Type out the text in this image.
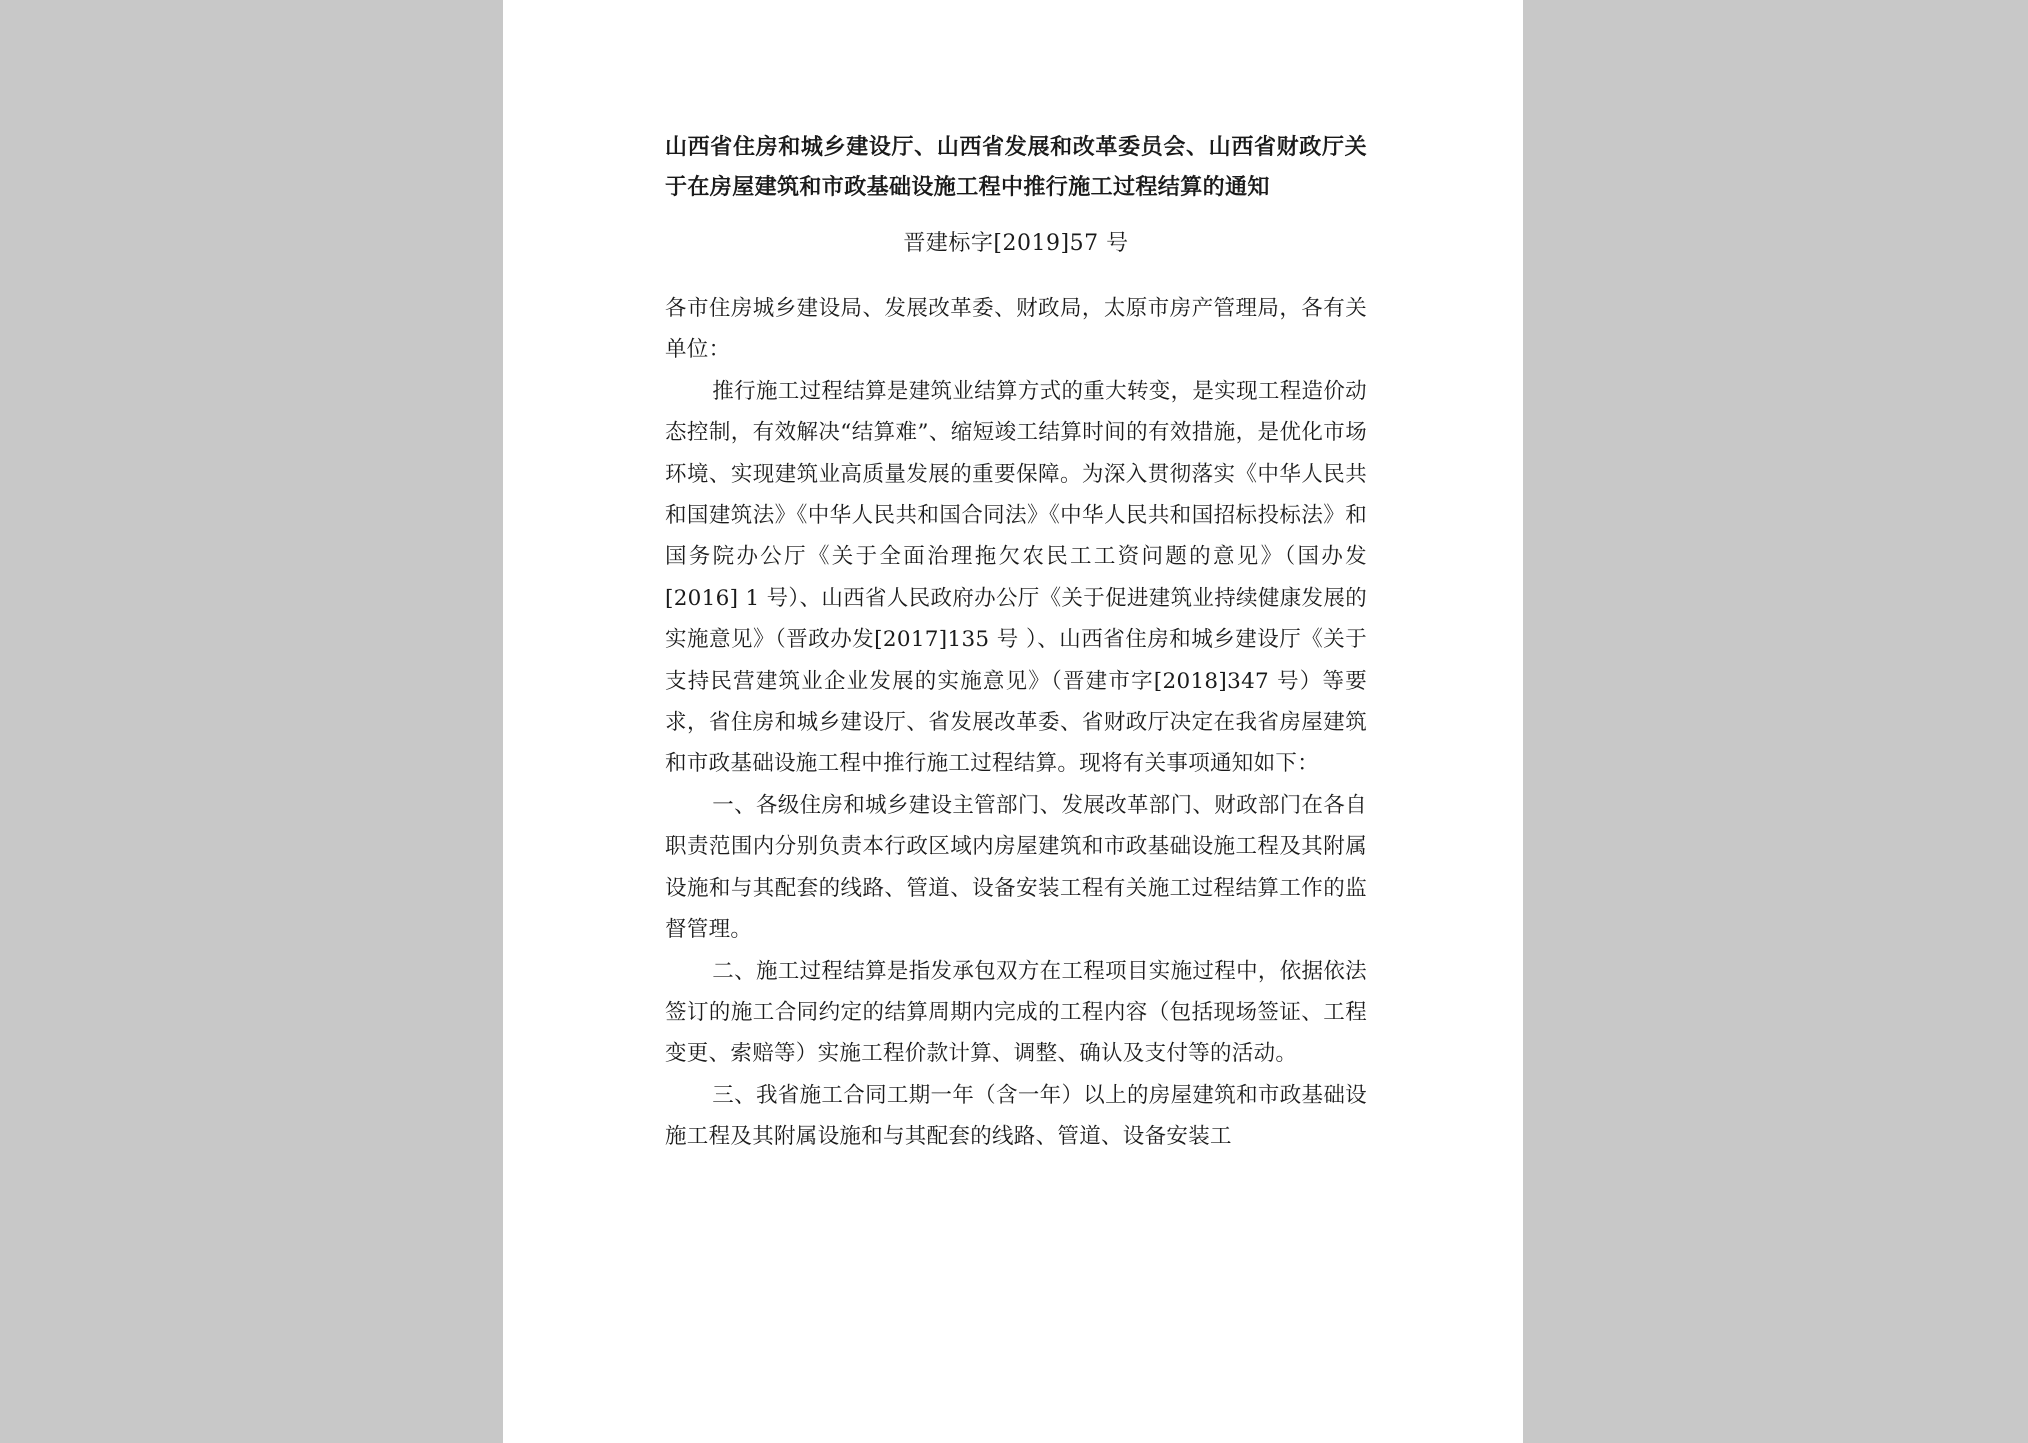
山西省住房和城乡建设厅、山西省发展和改革委员会、山西省财政厅关于在房屋建筑和市政基础设施工程中推行施工过程结算的通知

晋建标字[2019]57 号

各市住房城乡建设局、发展改革委、财政局，太原市房产管理局，各有关单位：

推行施工过程结算是建筑业结算方式的重大转变，是实现工程造价动态控制，有效解决“结算难”、缩短竣工结算时间的有效措施，是优化市场环境、实现建筑业高质量发展的重要保障。为深入贯彻落实《中华人民共和国建筑法》《中华人民共和国合同法》《中华人民共和国招标投标法》和国务院办公厅《关于全面治理拖欠农民工工资问题的意见》（国办发[2016] 1 号）、山西省人民政府办公厅《关于促进建筑业持续健康发展的实施意见》（晋政办发[2017]135 号 ）、山西省住房和城乡建设厅《关于支持民营建筑业企业发展的实施意见》（晋建市字[2018]347 号）等要求，省住房和城乡建设厅、省发展改革委、省财政厅决定在我省房屋建筑和市政基础设施工程中推行施工过程结算。现将有关事项通知如下：

一、各级住房和城乡建设主管部门、发展改革部门、财政部门在各自职责范围内分别负责本行政区域内房屋建筑和市政基础设施工程及其附属设施和与其配套的线路、管道、设备安装工程有关施工过程结算工作的监督管理。

二、施工过程结算是指发承包双方在工程项目实施过程中，依据依法签订的施工合同约定的结算周期内完成的工程内容（包括现场签证、工程变更、索赔等）实施工程价款计算、调整、确认及支付等的活动。

三、我省施工合同工期一年（含一年）以上的房屋建筑和市政基础设施工程及其附属设施和与其配套的线路、管道、设备安装工
